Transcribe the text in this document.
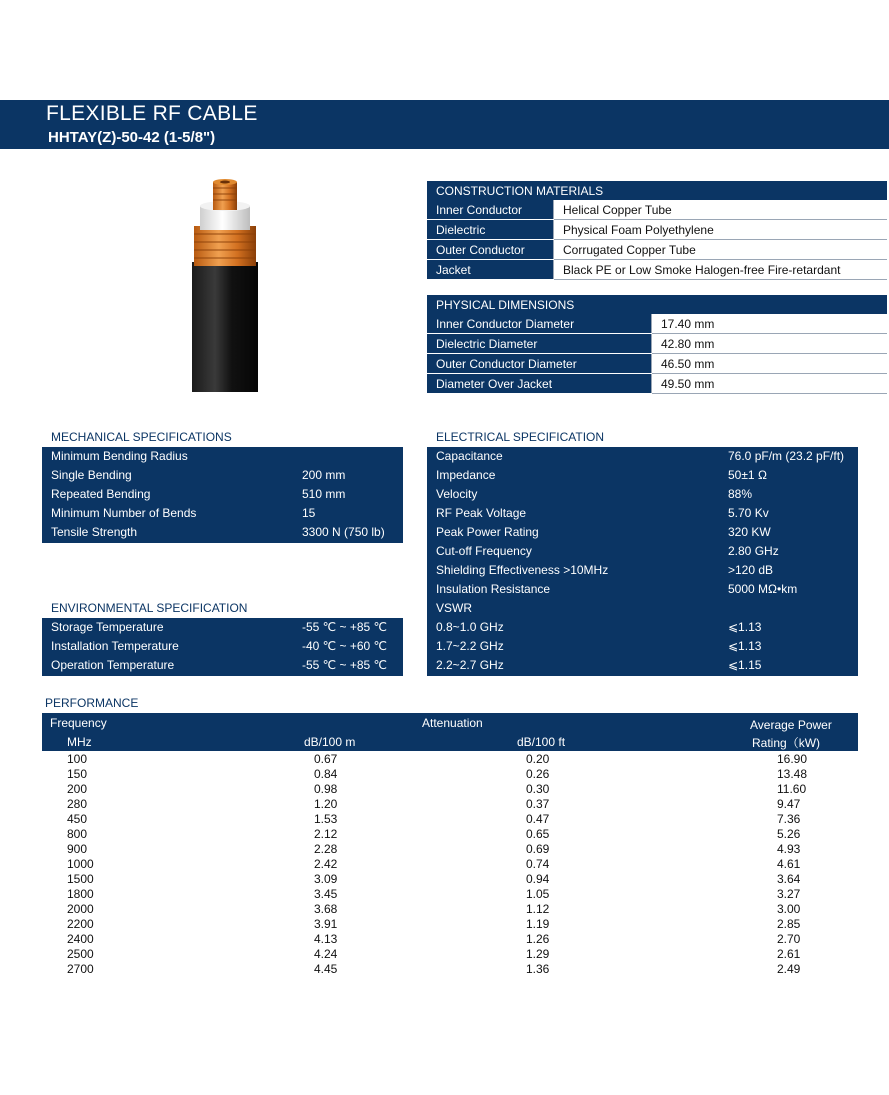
FLEXIBLE RF CABLE
HHTAY(Z)-50-42 (1-5/8")
CONSTRUCTION MATERIALS	
Inner Conductor	Helical Copper Tube
Dielectric	Physical Foam Polyethylene
Outer Conductor	Corrugated Copper Tube
Jacket	Black PE or Low Smoke Halogen-free Fire-retardant
PHYSICAL DIMENSIONS	
Inner Conductor Diameter	17.40 mm
Dielectric Diameter	42.80 mm
Outer Conductor Diameter	46.50 mm
Diameter Over Jacket	49.50 mm
MECHANICAL SPECIFICATIONS
Minimum Bending Radius
Single Bending	200 mm
Repeated Bending	510 mm
Minimum Number of Bends	15
Tensile Strength	3300 N (750 lb)
ENVIRONMENTAL SPECIFICATION
Storage Temperature	-55 ℃ ~ +85 ℃
Installation Temperature	-40 ℃ ~ +60 ℃
Operation Temperature	-55 ℃ ~ +85 ℃
ELECTRICAL SPECIFICATION
Capacitance	76.0 pF/m (23.2 pF/ft)
Impedance	50±1 Ω
Velocity	88%
RF Peak Voltage	5.70 Kv
Peak Power Rating	320 KW
Cut-off Frequency	2.80 GHz
Shielding Effectiveness >10MHz	>120 dB
Insulation Resistance	5000 MΩ•km
VSWR
0.8~1.0 GHz	⩽1.13
1.7~2.2 GHz	⩽1.13
2.2~2.7 GHz	⩽1.15
PERFORMANCE
Frequency
MHz
Attenuation
dB/100 m	dB/100 ft
Average Power
Rating（kW)
100	0.67	0.20	16.90
150	0.84	0.26	13.48
200	0.98	0.30	11.60
280	1.20	0.37	9.47
450	1.53	0.47	7.36
800	2.12	0.65	5.26
900	2.28	0.69	4.93
1000	2.42	0.74	4.61
1500	3.09	0.94	3.64
1800	3.45	1.05	3.27
2000	3.68	1.12	3.00
2200	3.91	1.19	2.85
2400	4.13	1.26	2.70
2500	4.24	1.29	2.61
2700	4.45	1.36	2.49
